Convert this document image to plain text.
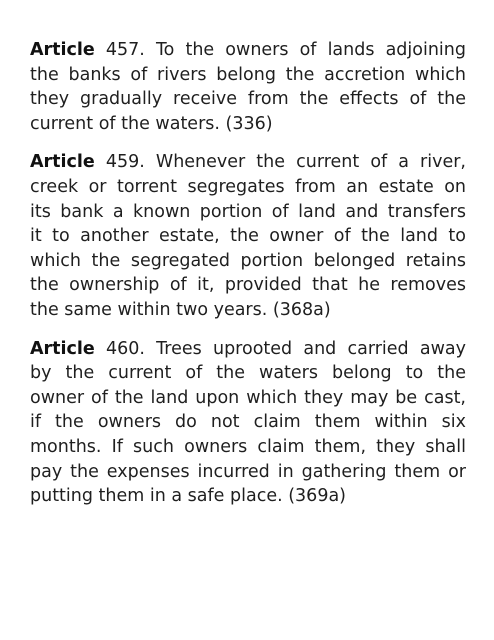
Article 457. To the owners of lands adjoining
the banks of rivers belong the accretion which
they gradually receive from the effects of the
current of the waters. (336)

Article 459. Whenever the current of a river,
creek or torrent segregates from an estate on
its bank a known portion of land and transfers
it to another estate, the owner of the land to
which the segregated portion belonged retains
the ownership of it, provided that he removes
the same within two years. (368a)

Article 460. Trees uprooted and carried away
by the current of the waters belong to the
owner of the land upon which they may be cast,
if the owners do not claim them within six
months. If such owners claim them, they shall
pay the expenses incurred in gathering them or
putting them in a safe place. (369a)
